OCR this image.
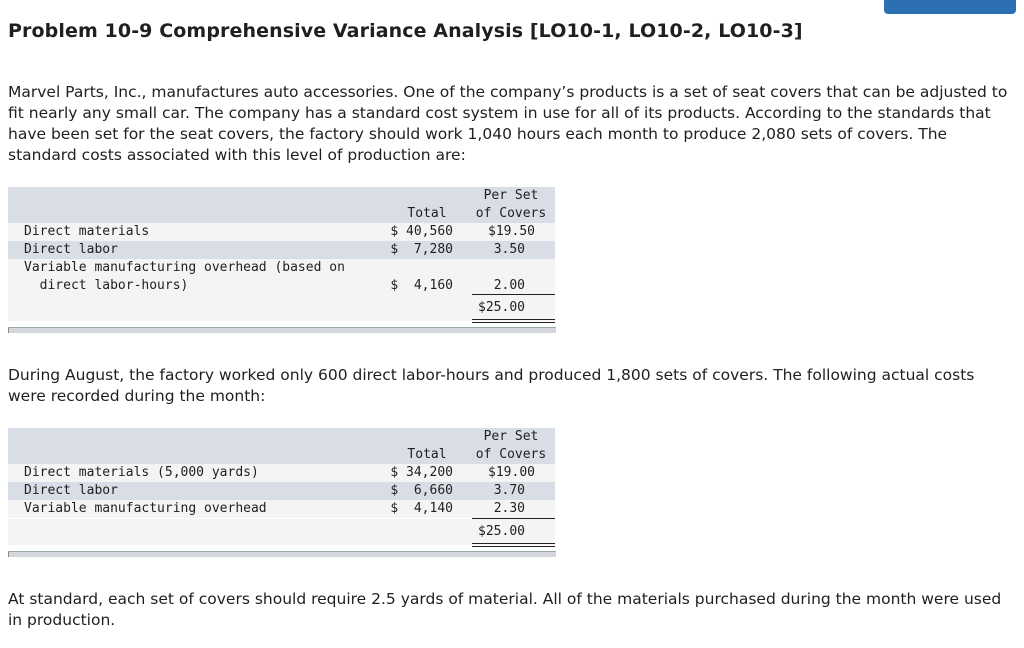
Problem 10-9 Comprehensive Variance Analysis [LO10-1, LO10-2, LO10-3]

Marvel Parts, Inc., manufactures auto accessories. One of the company’s products is a set of seat covers that can be adjusted to fit nearly any small car. The company has a standard cost system in use for all of its products. According to the standards that have been set for the seat covers, the factory should work 1,040 hours each month to produce 2,080 sets of covers. The standard costs associated with this level of production are:

Total
Per Set
of Covers
Direct materials	$ 40,560	$19.50
Direct labor	$  7,280	3.50
Variable manufacturing overhead (based on
direct labor-hours)	$  4,160	2.00
$25.00

During August, the factory worked only 600 direct labor-hours and produced 1,800 sets of covers. The following actual costs were recorded during the month:

Total
Per Set
of Covers
Direct materials (5,000 yards)	$ 34,200	$19.00
Direct labor	$  6,660	3.70
Variable manufacturing overhead	$  4,140	2.30
$25.00

At standard, each set of covers should require 2.5 yards of material. All of the materials purchased during the month were used in production.
